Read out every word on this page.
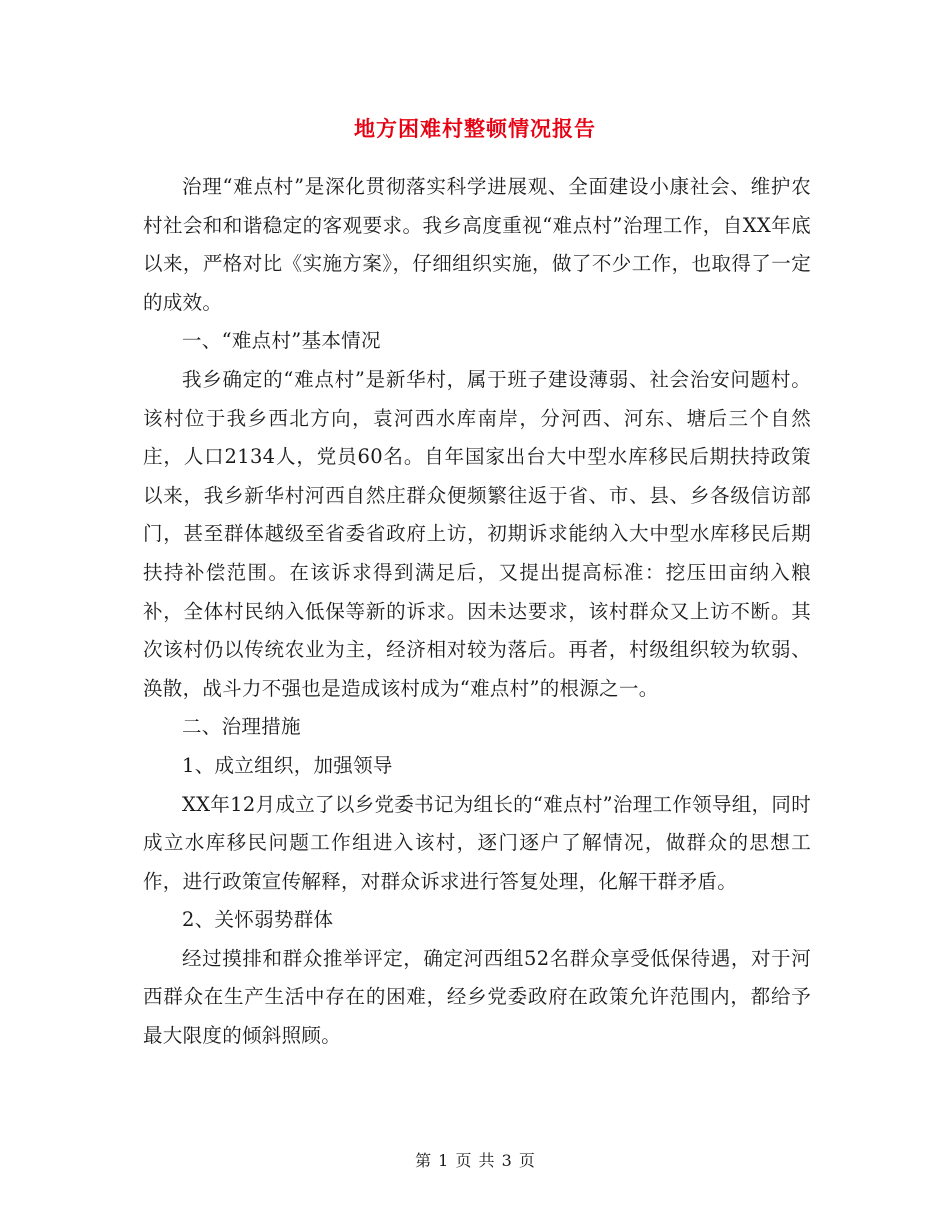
地方困难村整顿情况报告

治理“难点村”是深化贯彻落实科学进展观、全面建设小康社会、维护农村社会和和谐稳定的客观要求。我乡高度重视“难点村”治理工作，自XX年底以来，严格对比《实施方案》，仔细组织实施，做了不少工作，也取得了一定的成效。

一、“难点村”基本情况

我乡确定的“难点村”是新华村，属于班子建设薄弱、社会治安问题村。该村位于我乡西北方向，袁河西水库南岸，分河西、河东、塘后三个自然庄，人口2134人，党员60名。自年国家出台大中型水库移民后期扶持政策以来，我乡新华村河西自然庄群众便频繁往返于省、市、县、乡各级信访部门，甚至群体越级至省委省政府上访，初期诉求能纳入大中型水库移民后期扶持补偿范围。在该诉求得到满足后，又提出提高标准：挖压田亩纳入粮补，全体村民纳入低保等新的诉求。因未达要求，该村群众又上访不断。其次该村仍以传统农业为主，经济相对较为落后。再者，村级组织较为软弱、涣散，战斗力不强也是造成该村成为“难点村”的根源之一。

二、治理措施

1、成立组织，加强领导

XX年12月成立了以乡党委书记为组长的“难点村”治理工作领导组，同时成立水库移民问题工作组进入该村，逐门逐户了解情况，做群众的思想工作，进行政策宣传解释，对群众诉求进行答复处理，化解干群矛盾。

2、关怀弱势群体

经过摸排和群众推举评定，确定河西组52名群众享受低保待遇，对于河西群众在生产生活中存在的困难，经乡党委政府在政策允许范围内，都给予最大限度的倾斜照顾。

第 1 页 共 3 页
